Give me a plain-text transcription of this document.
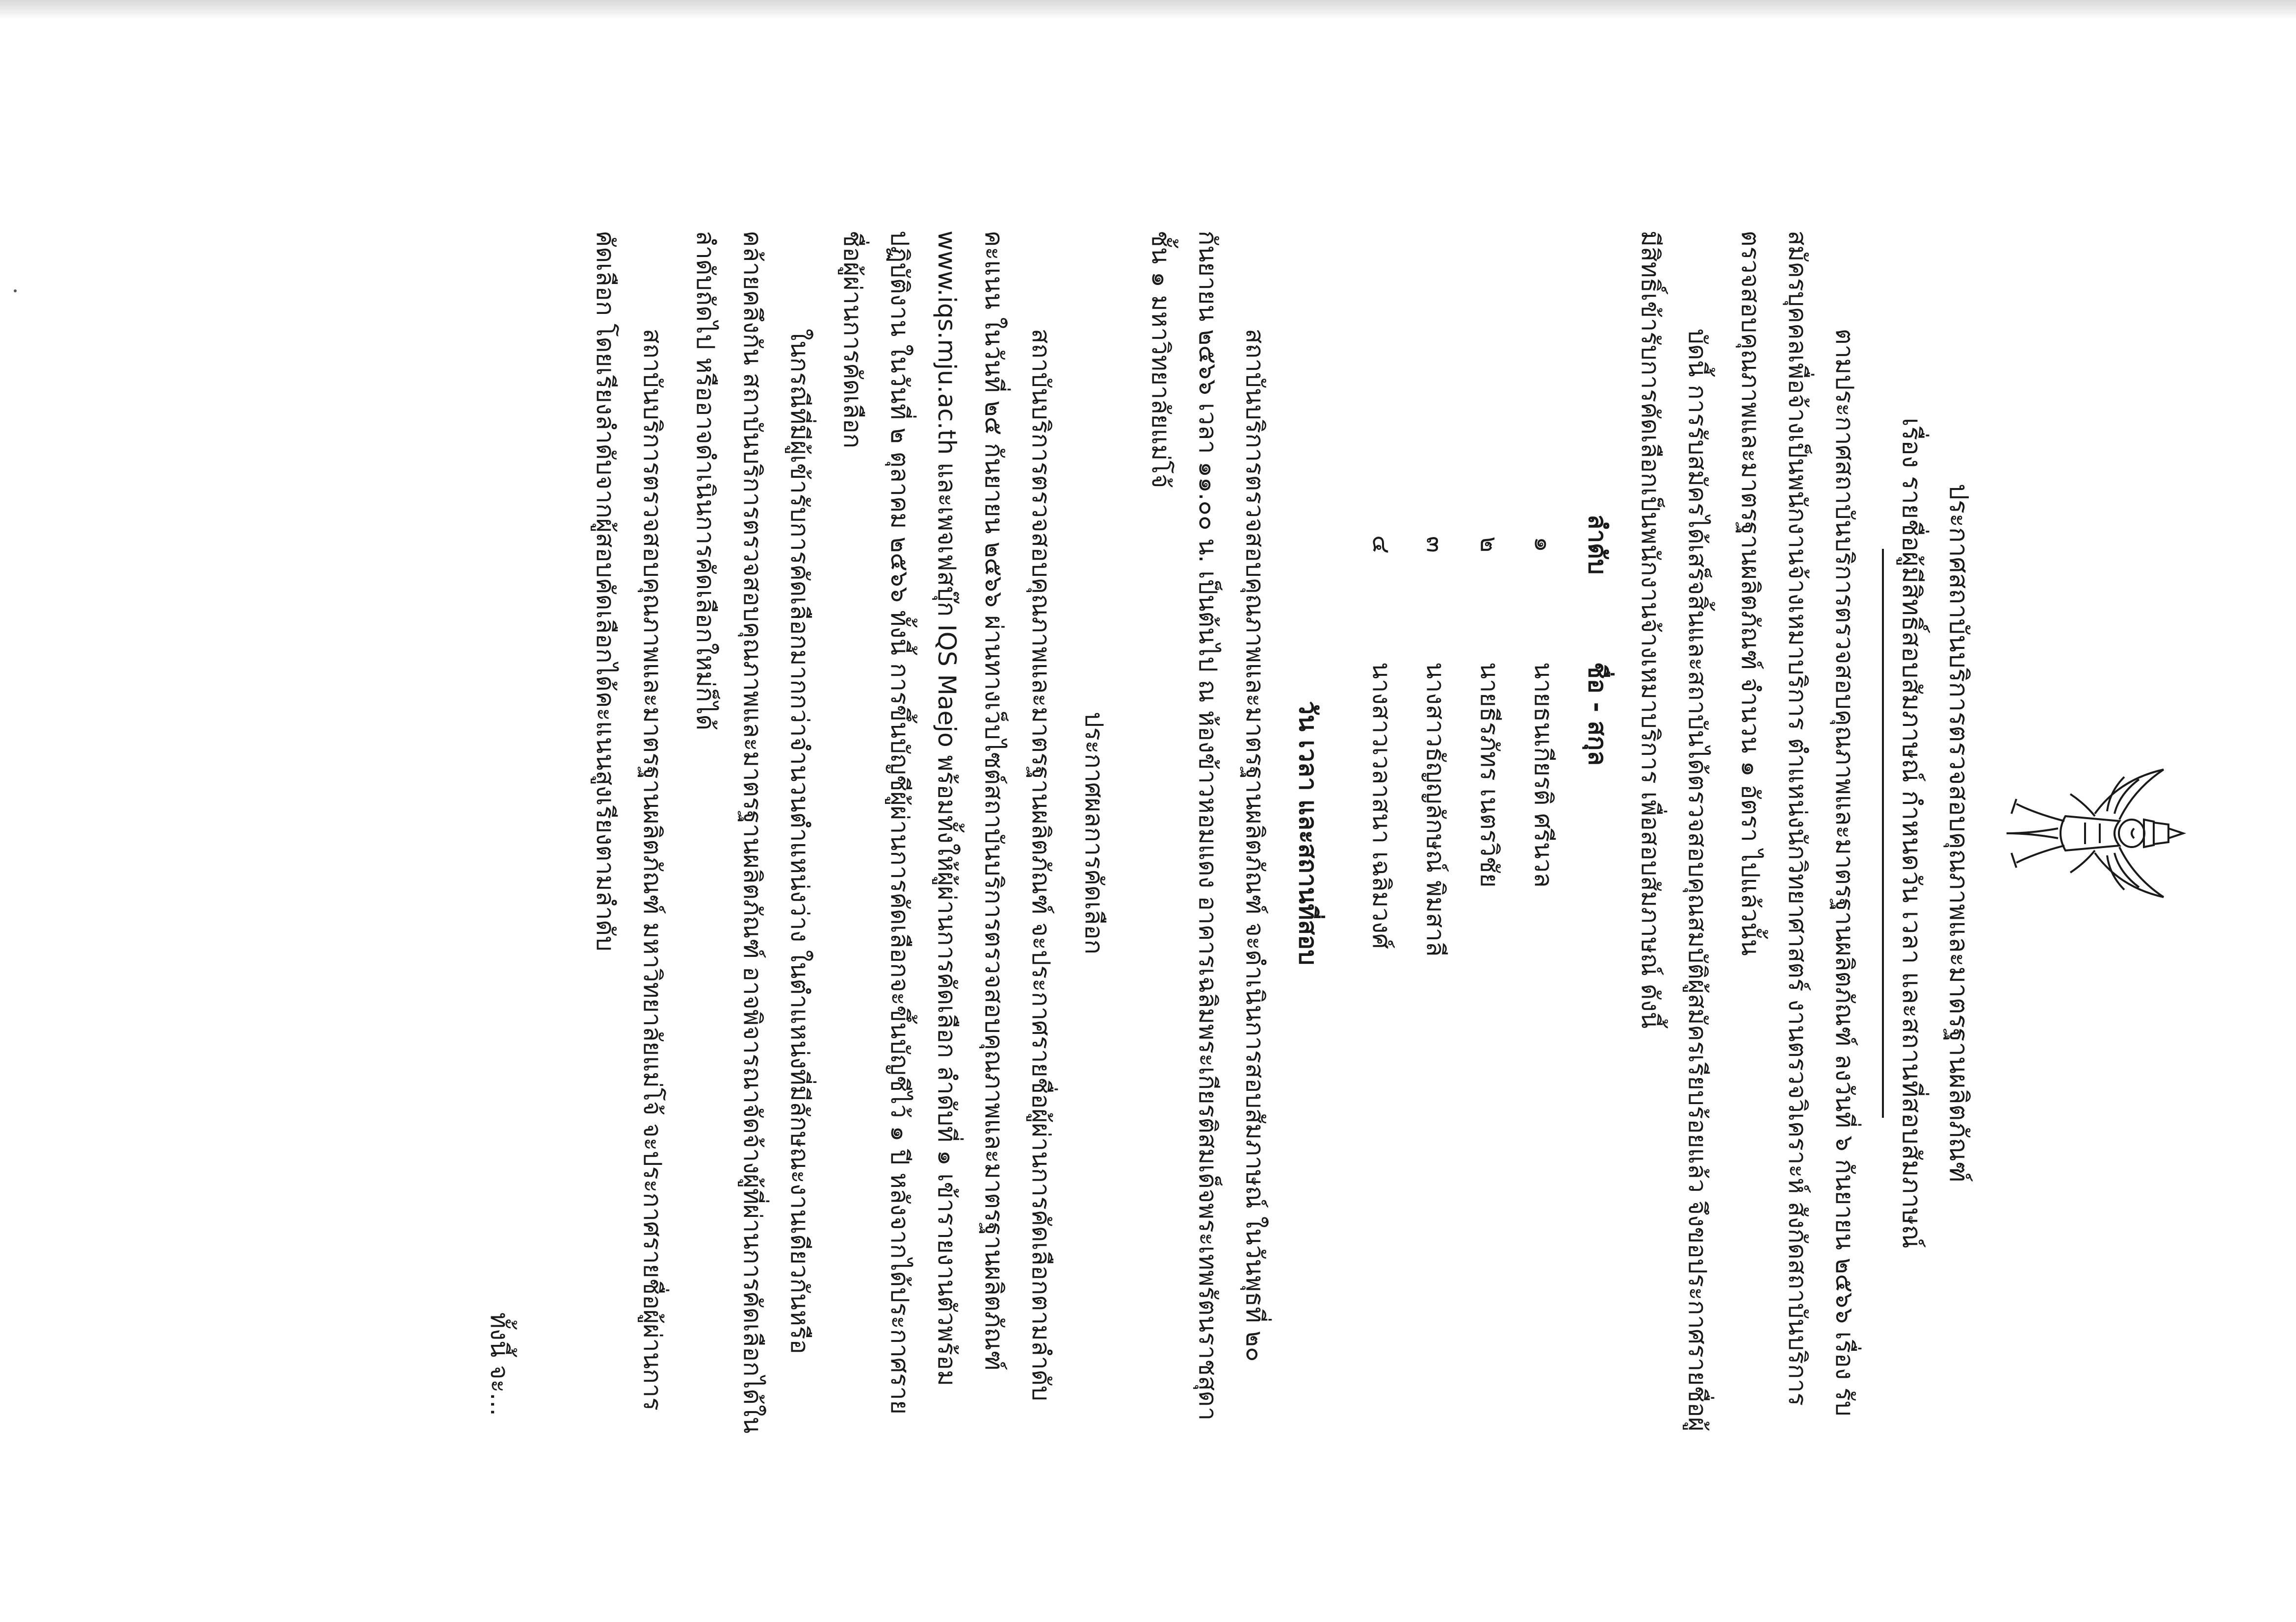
ประกาศสถาบันบริการตรวจสอบคุณภาพและมาตรฐานผลิตภัณฑ์
เรื่อง รายชื่อผู้มีสิทธิ์สอบสัมภาษณ์ กำหนดวัน เวลา และสถานที่สอบสัมภาษณ์

ตามประกาศสถาบันบริการตรวจสอบคุณภาพและมาตรฐานผลิตภัณฑ์ ลงวันที่ ๖ กันยายน ๒๕๖๖ เรื่อง รับสมัครบุคคลเพื่อจ้างเป็นพนักงานจ้างเหมาบริการ ตำแหน่งนักวิทยาศาสตร์ งานตรวจวิเคราะห์ สังกัดสถาบันบริการตรวจสอบคุณภาพและมาตรฐานผลิตภัณฑ์ จำนวน ๑ อัตรา ไปแล้วนั้น

บัดนี้ การรับสมัครได้เสร็จสิ้นและสถาบันได้ตรวจสอบคุณสมบัติผู้สมัครเรียบร้อยแล้ว จึงขอประกาศรายชื่อผู้มีสิทธิ์เข้ารับการคัดเลือกเป็นพนักงานจ้างเหมาบริการ เพื่อสอบสัมภาษณ์ ดังนี้

ลำดับ	ชื่อ - สกุล
๑	นายธนเกียรติ ศรีนวล
๒	นายธีรภัทร เนตรวิชัย
๓	นางสาวธัญญลักษณ์ พิมสาลี
๔	นางสาวเวลาสนา เฉลิมวงศ์
วัน เวลา และสถานที่สอบ

สถาบันบริการตรวจสอบคุณภาพและมาตรฐานผลิตภัณฑ์ จะดำเนินการสอบสัมภาษณ์ ในวันพุธที่ ๒๐ กันยายน ๒๕๖๖ เวลา ๑๑.๐๐ น. เป็นต้นไป ณ ห้องข้าวหอมแดง อาคารเฉลิมพระเกียรติสมเด็จพระเทพรัตนราชสุดา ชั้น ๑ มหาวิทยาลัยแม่โจ้

ประกาศผลการคัดเลือก

สถาบันบริการตรวจสอบคุณภาพและมาตรฐานผลิตภัณฑ์ จะประกาศรายชื่อผู้ผ่านการคัดเลือกตามลำดับคะแนน ในวันที่ ๒๕ กันยายน ๒๕๖๖ ผ่านทางเว็บไซต์สถาบันบริการตรวจสอบคุณภาพและมาตรฐานผลิตภัณฑ์ www.iqs.mju.ac.th และเพจเฟสบุ๊ก IQS Maejo พร้อมทั้งให้ผู้ผ่านการคัดเลือก ลำดับที่ ๑ เข้ารายงานตัวพร้อมปฏิบัติงาน ในวันที่ ๒ ตุลาคม ๒๕๖๖ ทั้งนี้ การขึ้นบัญชีผู้ผ่านการคัดเลือกจะขึ้นบัญชีไว้ ๑ ปี หลังจากได้ประกาศรายชื่อผู้ผ่านการคัดเลือก

ในกรณีที่มีผู้เข้ารับการคัดเลือกมากกว่าจำนวนตำแหน่งว่าง ในตำแหน่งที่มีลักษณะงานเดียวกันหรือคล้ายคลึงกัน สถาบันบริการตรวจสอบคุณภาพและมาตรฐานผลิตภัณฑ์ อาจพิจารณาจัดจ้างผู้ที่ผ่านการคัดเลือกได้ในลำดับถัดไป หรืออาจดำเนินการคัดเลือกใหม่ก็ได้

สถาบันบริการตรวจสอบคุณภาพและมาตรฐานผลิตภัณฑ์ มหาวิทยาลัยแม่โจ้ จะประกาศรายชื่อผู้ผ่านการคัดเลือก โดยเรียงลำดับจากผู้สอบคัดเลือกได้คะแนนสูงเรียงตามลำดับ

ทั้งนี้ จะ...
